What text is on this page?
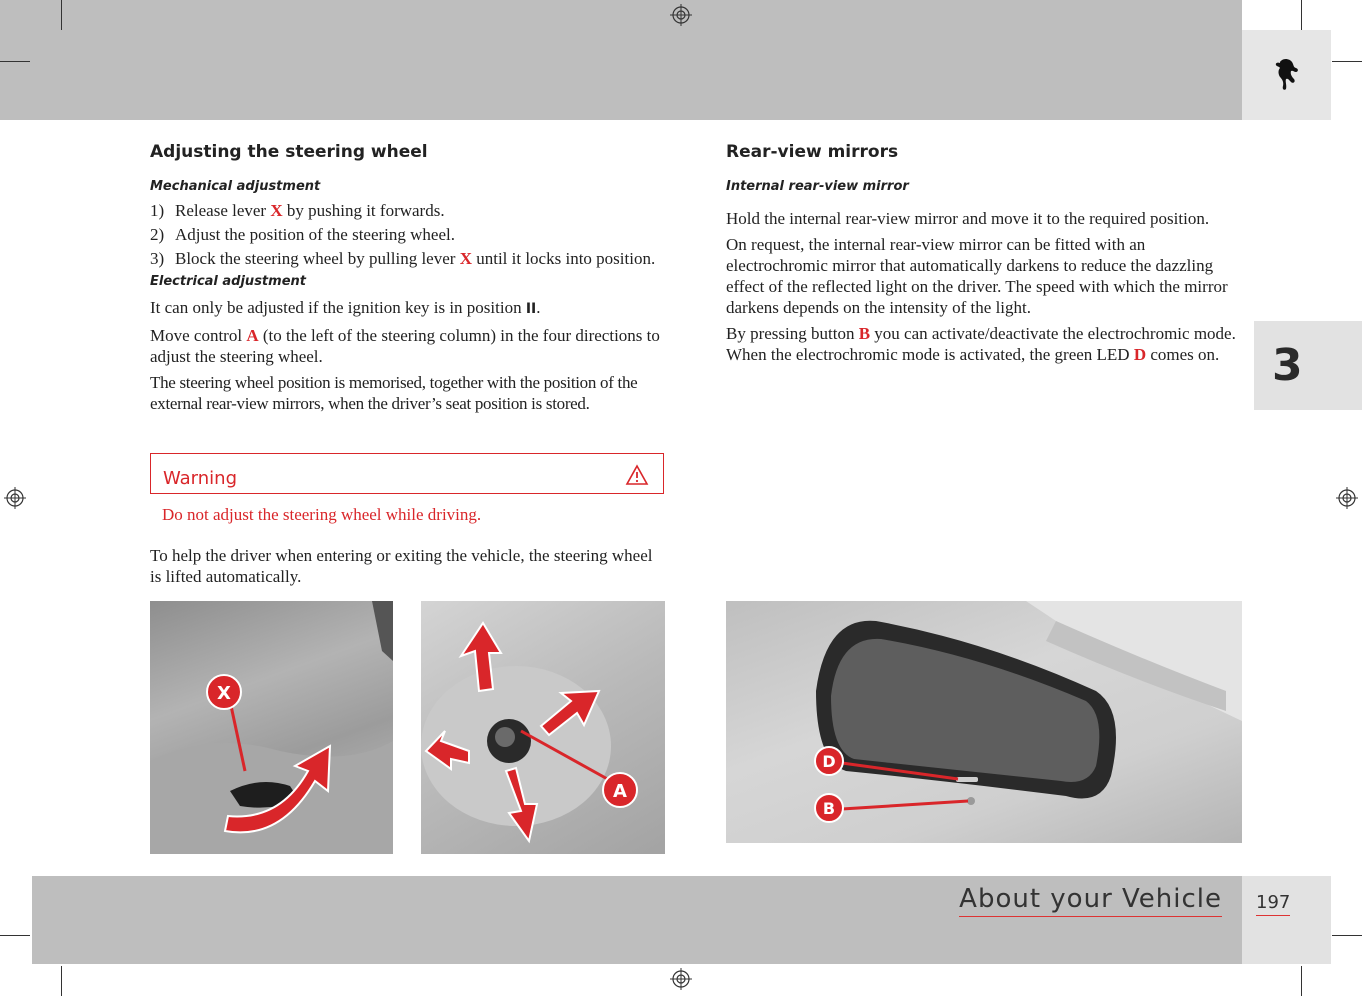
3
About your Vehicle 197
Adjusting the steering wheel
Mechanical adjustment
1) Release lever X by pushing it forwards.
2) Adjust the position of the steering wheel.
3) Block the steering wheel by pulling lever X until it locks into position.
Electrical adjustment

It can only be adjusted if the ignition key is in position II.

Move control A (to the left of the steering column) in the four directions to adjust the steering wheel.

The steering wheel position is memorised, together with the position of the external rear-view mirrors, when the driver’s seat position is stored.

Warning
Do not adjust the steering wheel while driving.

To help the driver when entering or exiting the vehicle, the steering wheel is lifted automatically.

X
A
Rear-view mirrors
Internal rear-view mirror

Hold the internal rear-view mirror and move it to the required position.

On request, the internal rear-view mirror can be fitted with an electrochromic mirror that automatically darkens to reduce the dazzling effect of the reflected light on the driver. The speed with which the mirror darkens depends on the intensity of the light.

By pressing button B you can activate/deactivate the electrochromic mode. When the electrochromic mode is activated, the green LED D comes on.

D
B
